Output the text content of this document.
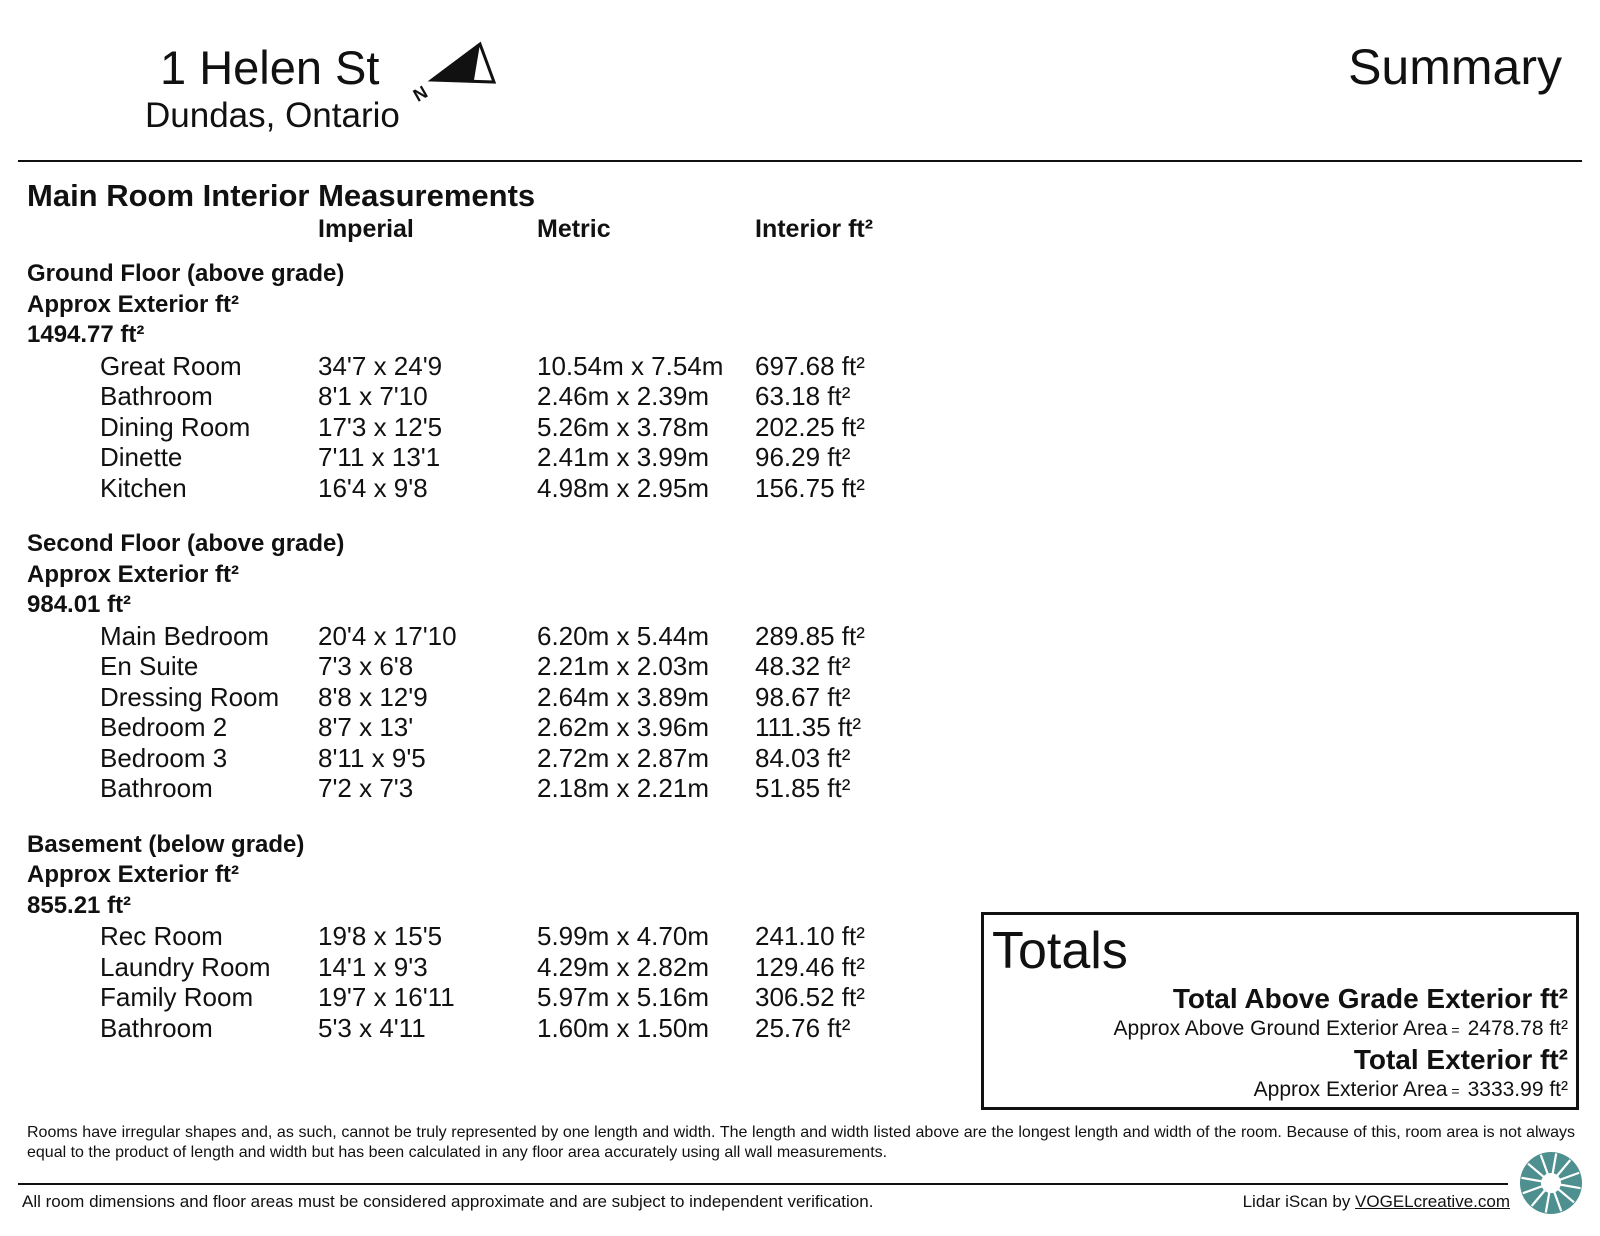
1 Helen St
Dundas, Ontario
N	Summary
Main Room Interior Measurements
Imperial	Metric	Interior ft²
Ground Floor (above grade)
Approx Exterior ft²
1494.77 ft²
Great Room	34'7 x 24'9	10.54m x 7.54m 697.68 ft²
Bathroom	8'1 x 7'10	2.46m x 2.39m 63.18 ft²
Dining Room	17'3 x 12'5	5.26m x 3.78m 202.25 ft²
Dinette	7'11 x 13'1	2.41m x 3.99m 96.29 ft²
Kitchen	16'4 x 9'8	4.98m x 2.95m 156.75 ft²
Second Floor (above grade)
Approx Exterior ft²
984.01 ft²
Main Bedroom 20'4 x 17'10	6.20m x 5.44m 289.85 ft²
En Suite	7'3 x 6'8	2.21m x 2.03m 48.32 ft²
Dressing Room 8'8 x 12'9	2.64m x 3.89m 98.67 ft²
Bedroom 2	8'7 x 13'	2.62m x 3.96m 111.35 ft²
Bedroom 3	8'11 x 9'5	2.72m x 2.87m 84.03 ft²
Bathroom	7'2 x 7'3	2.18m x 2.21m 51.85 ft²
Basement (below grade)
Approx Exterior ft²
855.21 ft²
Rec Room	19'8 x 15'5	5.99m x 4.70m 241.10 ft²
Laundry Room 14'1 x 9'3	4.29m x 2.82m 129.46 ft²
Family Room 19'7 x 16'11	5.97m x 5.16m 306.52 ft²
Bathroom	5'3 x 4'11	1.60m x 1.50m 25.76 ft²
Totals
Total Above Grade Exterior ft²
Approx Above Ground Exterior Area = 2478.78 ft²
Total Exterior ft²
Approx Exterior Area = 3333.99 ft²
Rooms have irregular shapes and, as such, cannot be truly represented by one length and width. The length and width listed above are the longest length and width of the room. Because of this, room area is not always equal to the product of length and width but has been calculated in any floor area accurately using all wall measurements.
All room dimensions and floor areas must be considered approximate and are subject to independent verification.	Lidar iScan by VOGELcreative.com
